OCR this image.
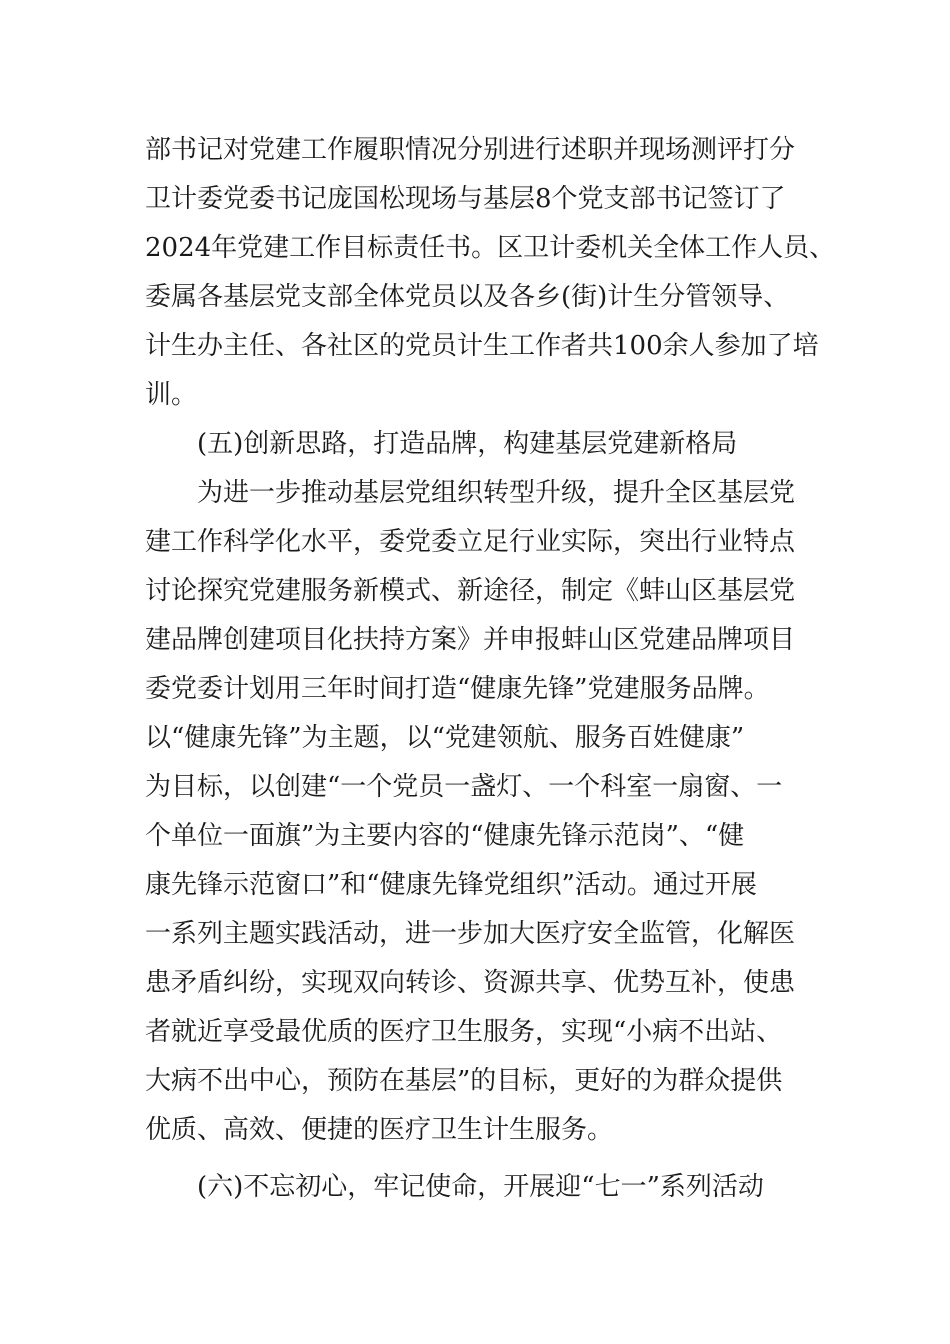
部书记对党建工作履职情况分别进行述职并现场测评打分
卫计委党委书记庞国松现场与基层8个党支部书记签订了
2024年党建工作目标责任书。区卫计委机关全体工作人员、
委属各基层党支部全体党员以及各乡(街)计生分管领导、
计生办主任、各社区的党员计生工作者共100余人参加了培
训。
(五)创新思路，打造品牌，构建基层党建新格局
为进一步推动基层党组织转型升级，提升全区基层党
建工作科学化水平，委党委立足行业实际，突出行业特点
讨论探究党建服务新模式、新途径，制定《蚌山区基层党
建品牌创建项目化扶持方案》并申报蚌山区党建品牌项目
委党委计划用三年时间打造“健康先锋”党建服务品牌。
以“健康先锋”为主题，以“党建领航、服务百姓健康”
为目标，以创建“一个党员一盏灯、一个科室一扇窗、一
个单位一面旗”为主要内容的“健康先锋示范岗”、“健
康先锋示范窗口”和“健康先锋党组织”活动。通过开展
一系列主题实践活动，进一步加大医疗安全监管，化解医
患矛盾纠纷，实现双向转诊、资源共享、优势互补，使患
者就近享受最优质的医疗卫生服务，实现“小病不出站、
大病不出中心，预防在基层”的目标，更好的为群众提供
优质、高效、便捷的医疗卫生计生服务。
(六)不忘初心，牢记使命，开展迎“七一”系列活动
